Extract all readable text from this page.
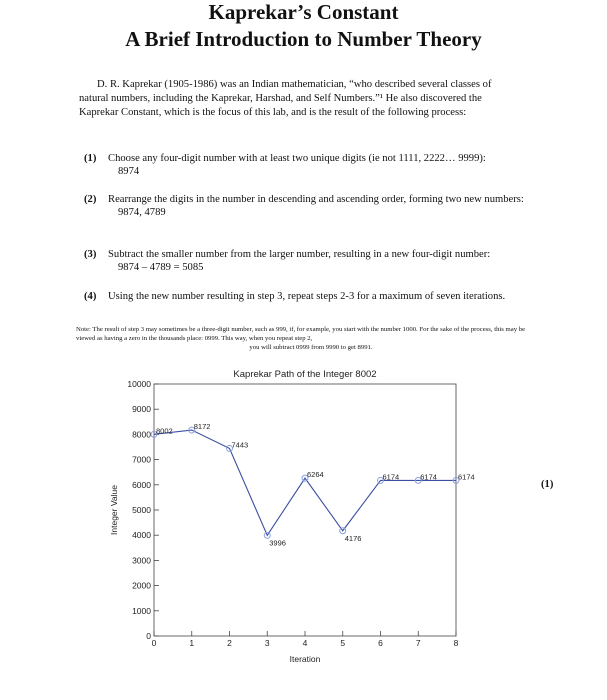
Kaprekar’s Constant
A Brief Introduction to Number Theory

D. R. Kaprekar (1905-1986) was an Indian mathematician, “who described several classes of natural numbers, including the Kaprekar, Harshad, and Self Numbers.”¹ He also discovered the Kaprekar Constant, which is the focus of this lab, and is the result of the following process:

(1) Choose any four-digit number with at least two unique digits (ie not 1111, 2222… 9999):
8974
(2) Rearrange the digits in the number in descending and ascending order, forming two new numbers:
9874, 4789
(3) Subtract the smaller number from the larger number, resulting in a new four-digit number:
9874 – 4789 = 5085
(4) Using the new number resulting in step 3, repeat steps 2-3 for a maximum of seven iterations.
Note: The result of step 3 may sometimes be a three-digit number, such as 999, if, for example, you start with the number 1000. For the sake of the process, this may be viewed as having a zero in the thousands place: 0999. This way, when you repeat step 2,
you will subtract 0999 from 9990 to get 8991.
Kaprekar Path of the Integer 8002
0
1000
2000
3000
4000
5000
6000
7000
8000
9000
10000
0	1	2	3	4	5	6	7	8
Iteration
Integer Value
8002	8172
7443
3996
6264
4176
6174	6174	6174
(1)
